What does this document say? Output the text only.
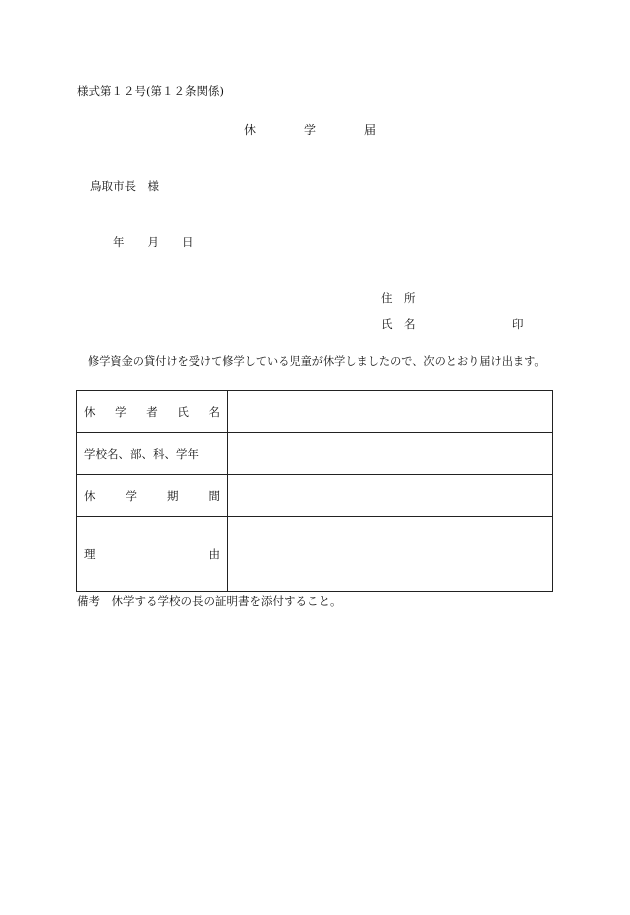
様式第１２号(第１２条関係)
休	学	届
鳥取市長　様
年　　月　　日
住　所
氏　名	印
修学資金の貸付けを受けて修学している児童が休学しましたので、次のとおり届け出ます。
休 学 者 氏 名	

学校名、部、科、学年	

休 学 期 間	

理 由	

備考　休学する学校の長の証明書を添付すること。
